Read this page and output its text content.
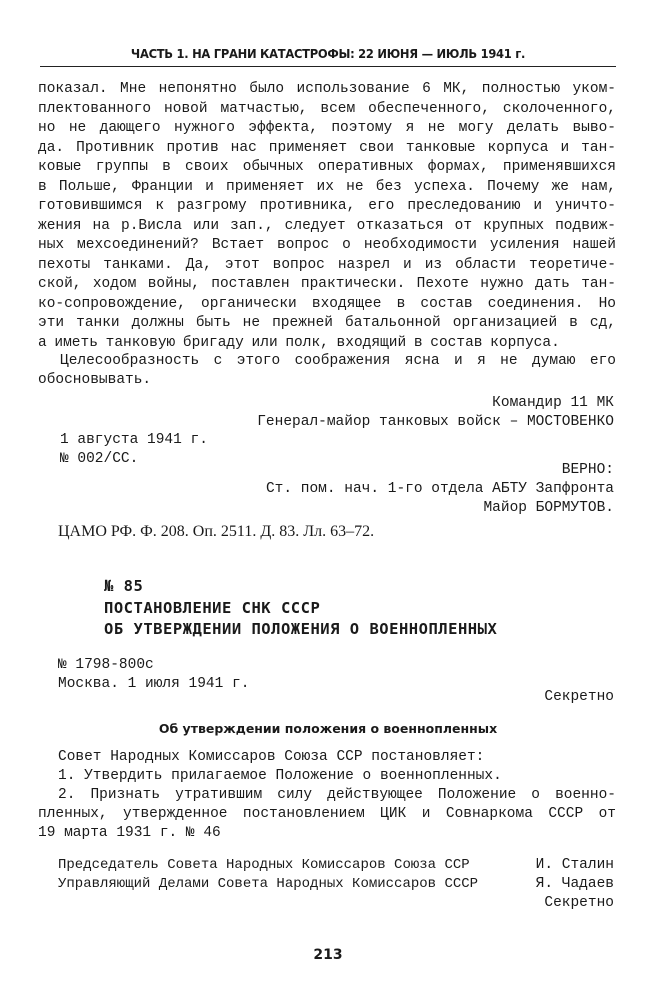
ЧАСТЬ 1. НА ГРАНИ КАТАСТРОФЫ: 22 ИЮНЯ — ИЮЛЬ 1941 г.
показал. Мне непонятно было использование 6 МК, полностью уком-
плектованного новой матчастью, всем обеспеченного, сколоченного,
но не дающего нужного эффекта, поэтому я не могу делать выво-
да. Противник против нас применяет свои танковые корпуса и тан-
ковые группы в своих обычных оперативных формах, применявшихся
в Польше, Франции и применяет их не без успеха. Почему же нам,
готовившимся к разгрому противника, его преследованию и уничто-
жения на р.Висла или зап., следует отказаться от крупных подвиж-
ных мехсоединений? Встает вопрос о необходимости усиления нашей
пехоты танками. Да, этот вопрос назрел и из области теоретиче-
ской, ходом войны, поставлен практически. Пехоте нужно дать тан-
ко-сопровождение, органически входящее в состав соединения. Но
эти танки должны быть не прежней батальонной организацией в сд,
а иметь танковую бригаду или полк, входящий в состав корпуса.
Целесообразность с этого соображения ясна и я не думаю его
обосновывать.
Командир 11 МК
Генерал-майор танковых войск – МОСТОВЕНКО
1 августа 1941 г.
№ 002/СС.
ВЕРНО:
Ст. пом. нач. 1-го отдела АБТУ Запфронта
Майор БОРМУТОВ.
ЦАМО РФ. Ф. 208. Оп. 2511. Д. 83. Лл. 63–72.
№ 85
ПОСТАНОВЛЕНИЕ СНК СССР
ОБ УТВЕРЖДЕНИИ ПОЛОЖЕНИЯ О ВОЕННОПЛЕННЫХ
№ 1798-800с
Москва. 1 июля 1941 г.
Секретно
Об утверждении положения о военнопленных
Совет Народных Комиссаров Союза ССР постановляет:
1. Утвердить прилагаемое Положение о военнопленных.
2. Признать утратившим силу действующее Положение о военно-
пленных, утвержденное постановлением ЦИК и Совнаркома СССР от
19 марта 1931 г. № 46
Председатель Совета Народных Комиссаров Союза ССР	И. Сталин
Управляющий Делами Совета Народных Комиссаров СССР	Я. Чадаев
Секретно
213
